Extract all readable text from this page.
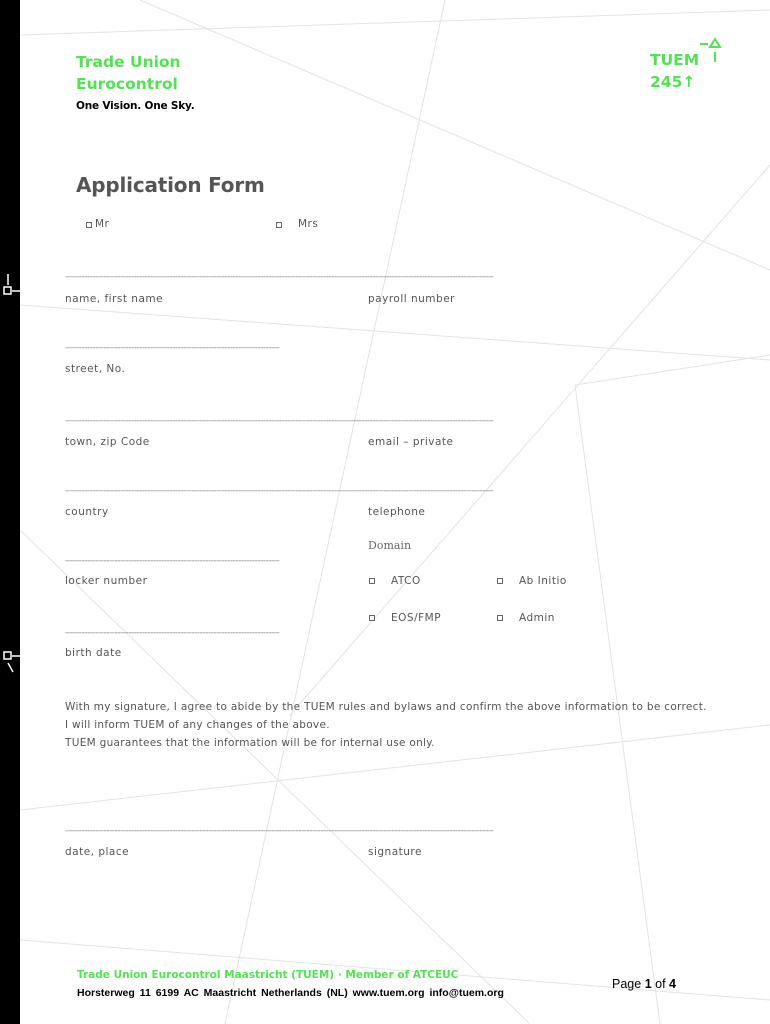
Trade Union
Eurocontrol
One Vision. One Sky.
TUEM
245↑
Application Form
Mr	Mrs
------------------------------------------------------------------------------ ------------------------------------------------------------------------------
name, first name	payroll number
------------------------------------------------------------------------------
street, No.
------------------------------------------------------------------------------ ------------------------------------------------------------------------------
town, zip Code	email – private
------------------------------------------------------------------------------ ------------------------------------------------------------------------------
country	telephone
Domain
------------------------------------------------------------------------------
locker number	ATCO	Ab Initio
EOS/FMP	Admin
------------------------------------------------------------------------------
birth date
With my signature, I agree to abide by the TUEM rules and bylaws and confirm the above information to be correct.
I will inform TUEM of any changes of the above.
TUEM guarantees that the information will be for internal use only.
------------------------------------------------------------------------------ ------------------------------------------------------------------------------
date, place	signature
Trade Union Eurocontrol Maastricht (TUEM) · Member of ATCEUC
Horsterweg 11 6199 AC Maastricht Netherlands (NL) www.tuem.org info@tuem.org
Page 1 of 4
